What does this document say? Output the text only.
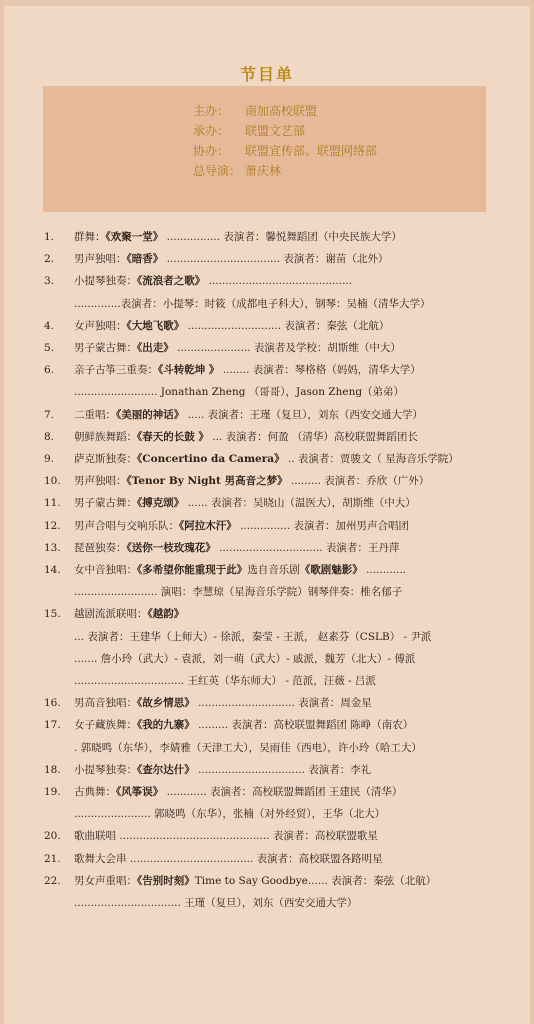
节目单
主办： 南加高校联盟
承办： 联盟文艺部
协办： 联盟宣传部、联盟网络部
总导演： 萧庆林
1. 群舞：《欢聚一堂》 ................ 表演者：馨悦舞蹈团（中央民族大学）
2. 男声独唱：《暗香》 .................................. 表演者：谢苗（北外）
3. 小提琴独奏：《流浪者之歌》 ...........................................
..............表演者：小提琴：时筱（成都电子科大），钢琴：吴楠（清华大学）
4. 女声独唱：《大地飞歌》 ............................ 表演者：秦弦（北航）
5. 男子蒙古舞：《出走》 ...................... 表演者及学校：胡斯维（中大）
6. 亲子古筝三重奏：《斗转乾坤 》 ........ 表演者：琴格格（妈妈，清华大学）
......................... Jonathan Zheng （哥哥），Jason Zheng（弟弟）
7. 二重唱：《美丽的神话》 ..... 表演者：王瑾（复旦），刘东（西安交通大学）
8. 朝鲜族舞蹈：《春天的长鼓 》 ... 表演者：何盈 （清华）高校联盟舞蹈团长
9. 萨克斯独奏：《Concertino da Camera》 .. 表演者：贾骏文（ 星海音乐学院）
10. 男声独唱：《Tenor By Night 男高音之梦》 ......... 表演者：乔欣（广外）
11. 男子蒙古舞：《搏克颂》 ...... 表演者：吴晓山（温医大），胡斯维（中大）
12. 男声合唱与交响乐队：《阿拉木汗》 ............... 表演者：加州男声合唱团
13. 琵琶独奏：《送你一枝玫瑰花》 ............................... 表演者：王丹萍
14. 女中音独唱：《多希望你能重现于此》选自音乐剧《歌剧魅影》 ............
......................... 演唱：李慧琼（星海音乐学院）钢琴伴奏：椎名郁子
15. 越剧流派联唱：《越韵》
... 表演者：王建华（上师大）- 徐派，秦莹 - 王派， 赵素芬（CSLB） - 尹派
....... 詹小玲（武大）- 袁派，刘一萌（武大）- 戚派，魏芳（北大）- 傅派
................................. 王红英（华东师大） - 范派，汪薇 - 吕派
16. 男高音独唱：《故乡情思》 ............................. 表演者：周金星
17. 女子藏族舞：《我的九寨》 ......... 表演者：高校联盟舞蹈团 陈峥（南农）
. 郭晓鸣（东华），李婧雅（天津工大），吴雨佳（西电），许小玲（哈工大）
18. 小提琴独奏：《查尔达什》 ................................ 表演者：李礼
19. 古典舞：《风筝误》 ............ 表演者：高校联盟舞蹈团 王建民（清华）
....................... 郭晓鸣（东华），张楠（对外经贸），王华（北大）
20. 歌曲联唱 ............................................. 表演者：高校联盟歌星
21. 歌舞大会串 ..................................... 表演者：高校联盟各路明星
22. 男女声重唱：《告别时刻》Time to Say Goodbye...... 表演者：秦弦（北航）
................................ 王瑾（复旦），刘东（西安交通大学）
